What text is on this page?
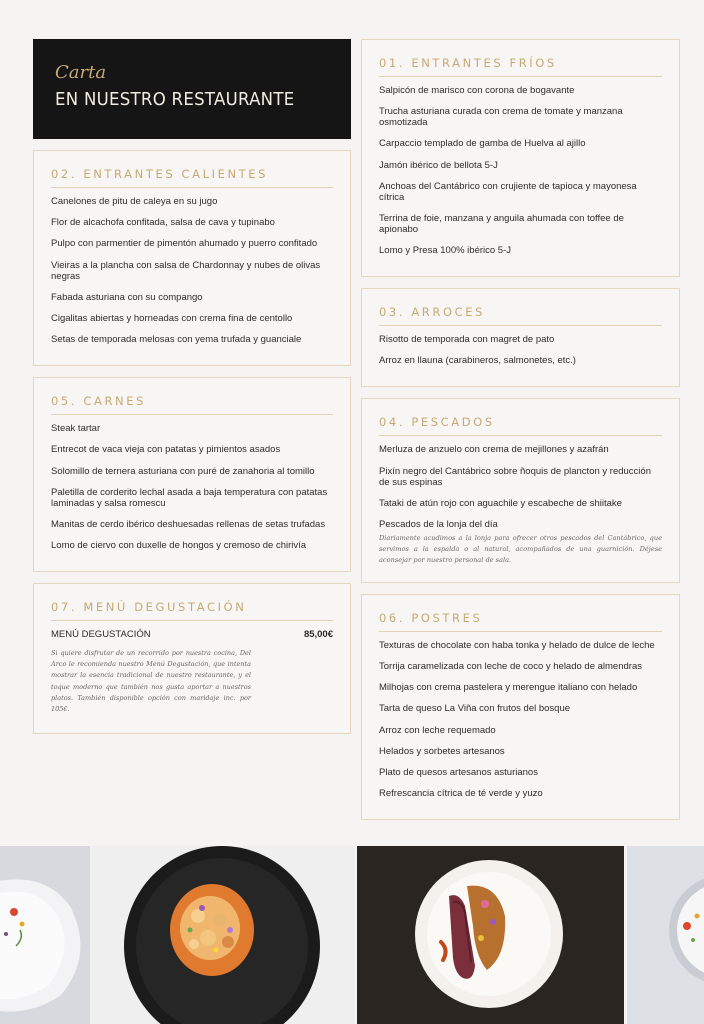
Carta
EN NUESTRO RESTAURANTE
02. ENTRANTES CALIENTES
Canelones de pitu de caleya en su jugo
Flor de alcachofa confitada, salsa de cava y tupinabo
Pulpo con parmentier de pimentón ahumado y puerro confitado
Vieiras a la plancha con salsa de Chardonnay y nubes de olivas negras
Fabada asturiana con su compango
Cigalitas abiertas y horneadas con crema fina de centollo
Setas de temporada melosas con yema trufada y guanciale
05. CARNES
Steak tartar
Entrecot de vaca vieja con patatas y pimientos asados
Solomillo de ternera asturiana con puré de zanahoria al tomillo
Paletilla de corderito lechal asada a baja temperatura con patatas laminadas y salsa romescu
Manitas de cerdo ibérico deshuesadas rellenas de setas trufadas
Lomo de ciervo con duxelle de hongos y cremoso de chirivía
07. MENÚ DEGUSTACIÓN
MENÚ DEGUSTACIÓN	85,00€

Si quiere disfrutar de un recorrido por nuestra cocina, Del Arco le recomienda nuestro Menú Degustación, que intenta mostrar la esencia tradicional de nuestro restaurante, y el toque moderno que también nos gusta aportar a nuestros platos. También disponible opción con maridaje inc. por 105€.

01. ENTRANTES FRÍOS
Salpicón de marisco con corona de bogavante
Trucha asturiana curada con crema de tomate y manzana osmotizada
Carpaccio templado de gamba de Huelva al ajillo
Jamón ibérico de bellota 5-J
Anchoas del Cantábrico con crujiente de tapioca y mayonesa cítrica
Terrina de foie, manzana y anguila ahumada con toffee de apionabo
Lomo y Presa 100% ibérico 5-J
03. ARROCES
Risotto de temporada con magret de pato
Arroz en llauna (carabineros, salmonetes, etc.)
04. PESCADOS
Merluza de anzuelo con crema de mejillones y azafrán
Pixín negro del Cantábrico sobre ñoquis de plancton y reducción de sus espinas
Tataki de atún rojo con aguachile y escabeche de shiitake
Pescados de la lonja del día

Diariamente acudimos a la lonja para ofrecer otros pescados del Cantábrico, que servimos a la espalda o al natural, acompañados de una guarnición. Déjese aconsejar por nuestro personal de sala.

06. POSTRES
Texturas de chocolate con haba tonka y helado de dulce de leche
Torrija caramelizada con leche de coco y helado de almendras
Milhojas con crema pastelera y merengue italiano con helado
Tarta de queso La Viña con frutos del bosque
Arroz con leche requemado
Helados y sorbetes artesanos
Plato de quesos artesanos asturianos
Refrescancia cítrica de té verde y yuzo
